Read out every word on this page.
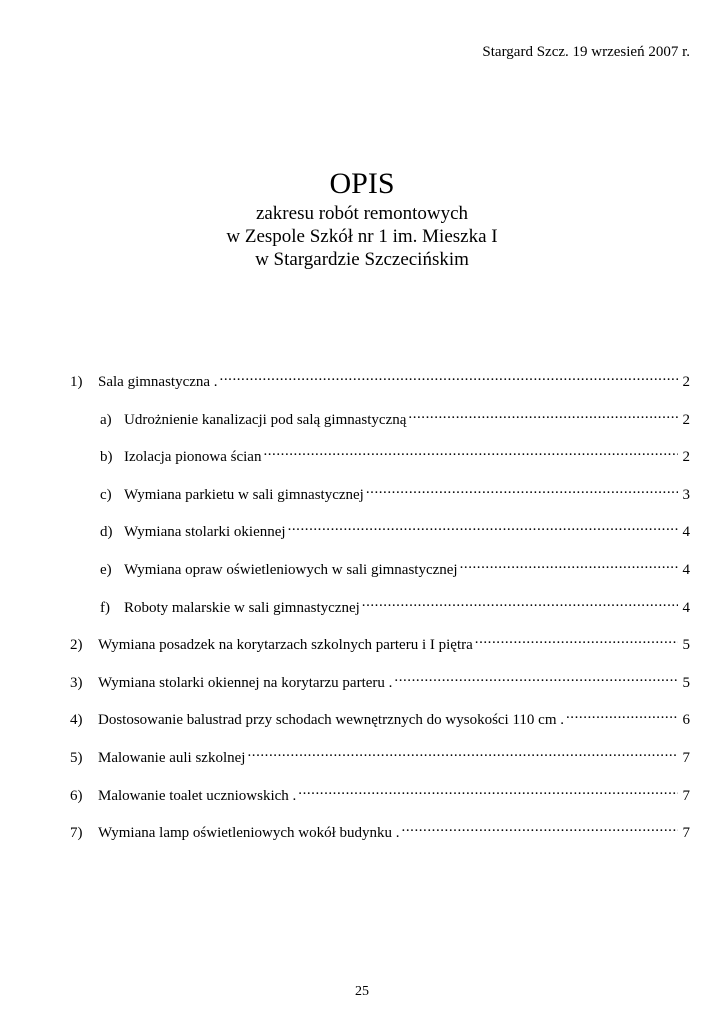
Stargard Szcz. 19 wrzesień 2007 r.
OPIS

zakresu robót remontowych

w Zespole Szkół nr 1 im. Mieszka I

w Stargardzie Szczecińskim

1)	Sala gimnastyczna . . . .	2
a) Udrożnienie kanalizacji pod salą gimnastyczną . . .	2
b) Izolacja pionowa ścian . . .	2
c) Wymiana parkietu w sali gimnastycznej . . .	3
d) Wymiana stolarki okiennej . . .	4
e) Wymiana opraw oświetleniowych w sali gimnastycznej . . .	4
f) Roboty malarskie w sali gimnastycznej . . .	4
2)	Wymiana posadzek na korytarzach szkolnych parteru i I piętra . . .	5
3)	Wymiana stolarki okiennej na korytarzu parteru . . . .	5
4)	Dostosowanie balustrad przy schodach wewnętrznych do wysokości 110 cm . . . .	6
5)	Malowanie auli szkolnej . . .	7
6)	Malowanie toalet uczniowskich . . . .	7
7)	Wymiana lamp oświetleniowych wokół budynku . . . .	7
25
